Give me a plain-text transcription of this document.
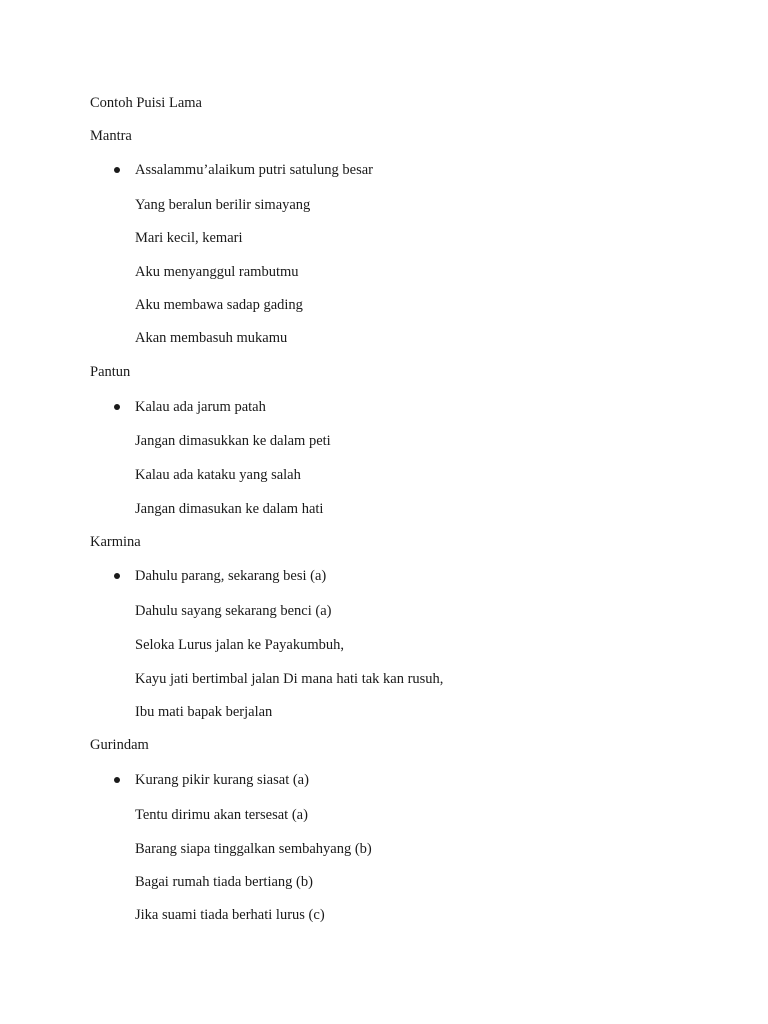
Contoh Puisi Lama
Mantra
Assalammu’alaikum putri satulung besar
Yang beralun berilir simayang
Mari kecil, kemari
Aku menyanggul rambutmu
Aku membawa sadap gading
Akan membasuh mukamu
Pantun
Kalau ada jarum patah
Jangan dimasukkan ke dalam peti
Kalau ada kataku yang salah
Jangan dimasukan ke dalam hati
Karmina
Dahulu parang, sekarang besi (a)
Dahulu sayang sekarang benci (a)
Seloka Lurus jalan ke Payakumbuh,
Kayu jati bertimbal jalan Di mana hati tak kan rusuh,
Ibu mati bapak berjalan
Gurindam
Kurang pikir kurang siasat (a)
Tentu dirimu akan tersesat (a)
Barang siapa tinggalkan sembahyang (b)
Bagai rumah tiada bertiang (b)
Jika suami tiada berhati lurus (c)
